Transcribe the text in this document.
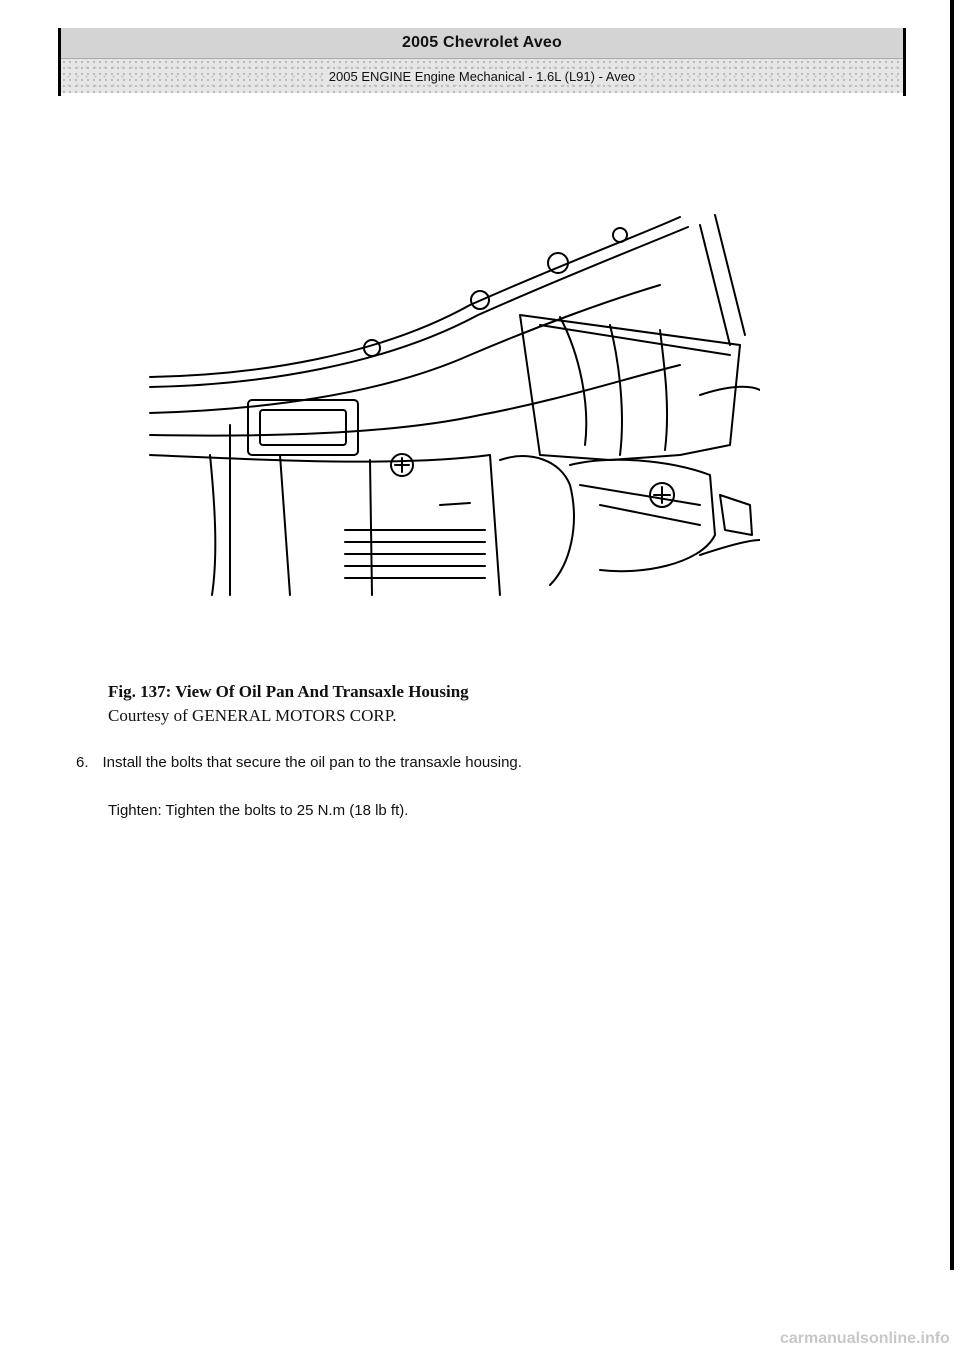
2005 Chevrolet Aveo
2005 ENGINE Engine Mechanical - 1.6L (L91) - Aveo
Fig. 137: View Of Oil Pan And Transaxle Housing
Courtesy of GENERAL MOTORS CORP.
6. Install the bolts that secure the oil pan to the transaxle housing.
Tighten: Tighten the bolts to 25 N.m (18 lb ft).
carmanualsonline.info
